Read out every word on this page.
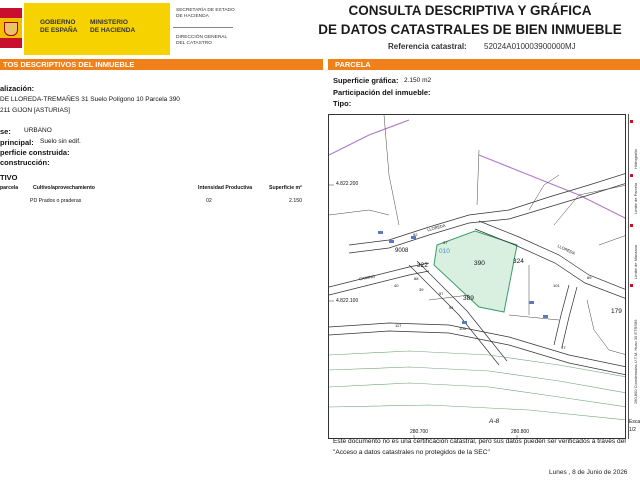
GOBIERNO
DE ESPAÑA
MINISTERIO
DE HACIENDA
SECRETARÍA DE ESTADO
DE HACIENDA
DIRECCIÓN GENERAL
DEL CATASTRO
CONSULTA DESCRIPTIVA Y GRÁFICA
DE DATOS CATASTRALES DE BIEN INMUEBLE
Referencia catastral: 52024A010003900000MJ
TOS DESCRIPTIVOS DEL INMUEBLE	PARCELA
alización:
DE LLOREDA-TREMAÑES 31 Suelo Polígono 10 Parcela 390
211 GIJON [ASTURIAS]
se: URBANO
principal: Suelo sin edif.
perficie construida:
construcción:
TIVO
parcela	Cultivo/aprovechamiento	Intensidad Productiva	Superficie m²
PD Prados o praderas	02	2.150
Superficie gráfica: 2.150 m2
Participación del inmueble:
Tipo:
010
390
9008
322
324
389
179
4.822.200
4.822.100
280.700	280.800
A-8
LLOREDA
CAMINO
LLOREDA
37
92
88
57
54
40
39
106
117
101
97
89
Hidrografía
Límite de Parcela
Límite de Manzana
280,800 Coordenadas U.T.M. Huso 30 ETRS89
Esca
1/2
Este documento no es una certificación catastral, pero sus datos pueden ser verificados a través del "Acceso a datos catastrales no protegidos de la SEC"
Lunes , 8 de Junio de 2026
